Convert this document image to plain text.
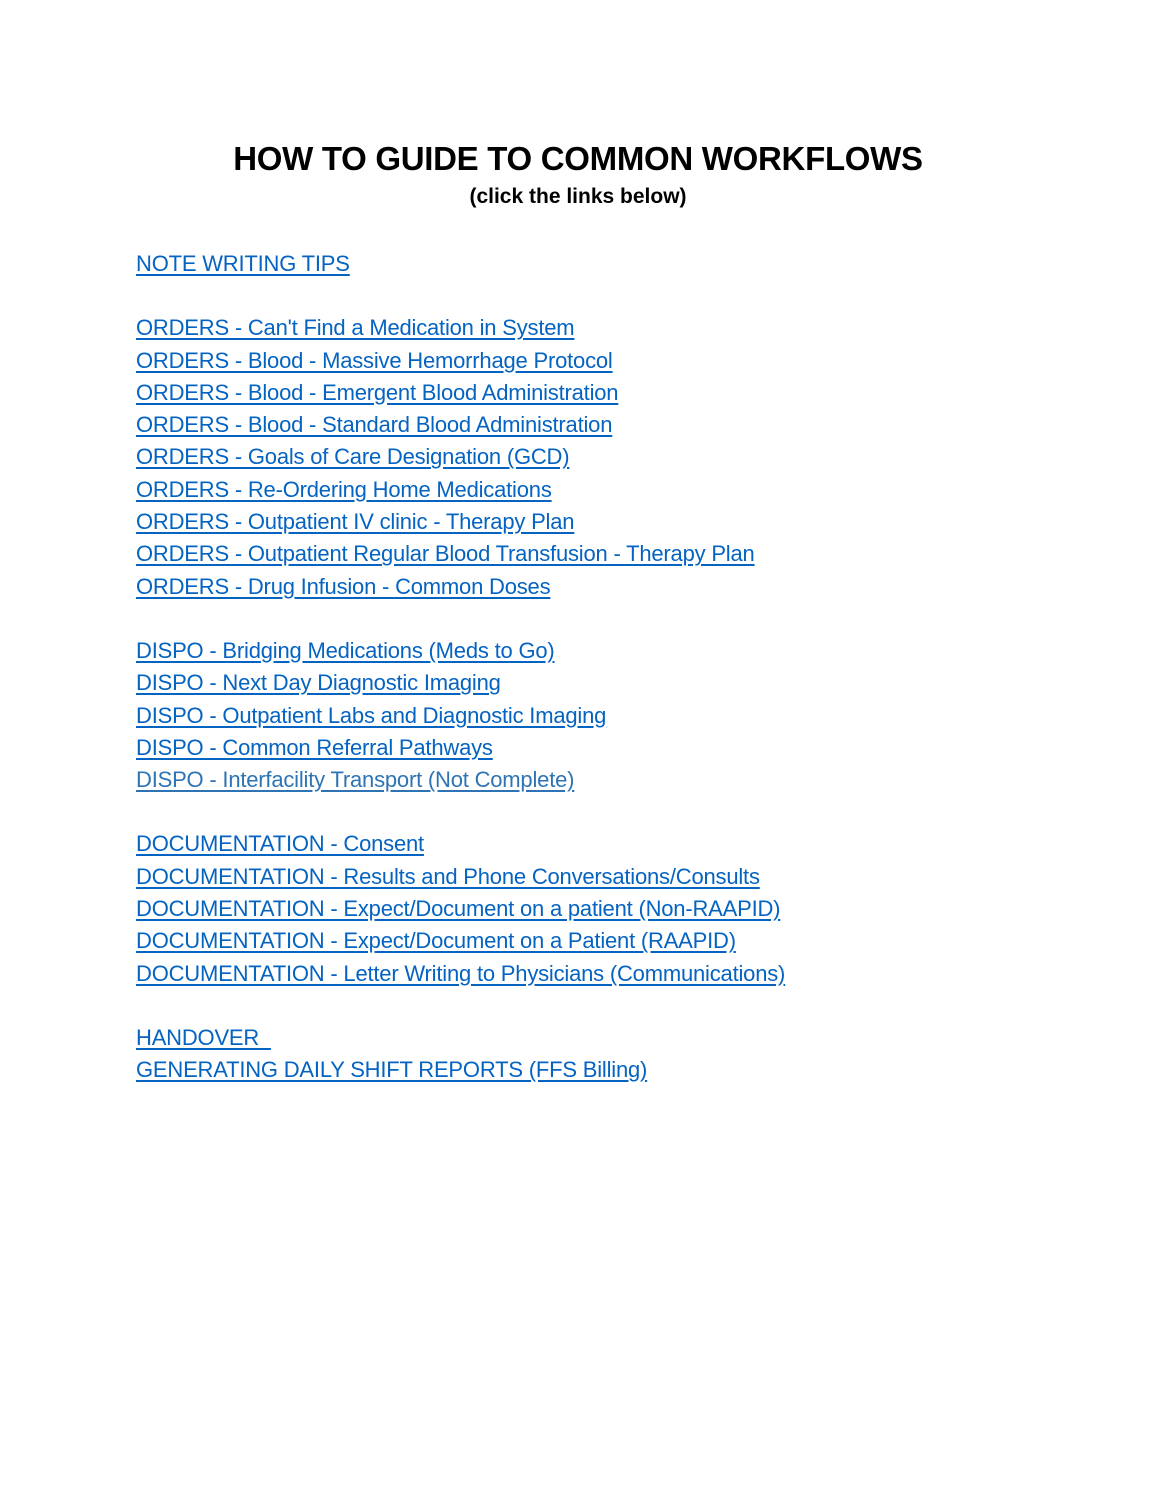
HOW TO GUIDE TO COMMON WORKFLOWS
(click the links below)
NOTE WRITING TIPS
ORDERS - Can't Find a Medication in System
ORDERS - Blood - Massive Hemorrhage Protocol
ORDERS - Blood - Emergent Blood Administration
ORDERS - Blood - Standard Blood Administration
ORDERS - Goals of Care Designation (GCD)
ORDERS - Re-Ordering Home Medications
ORDERS - Outpatient IV clinic - Therapy Plan
ORDERS - Outpatient Regular Blood Transfusion - Therapy Plan
ORDERS - Drug Infusion - Common Doses
DISPO - Bridging Medications (Meds to Go)
DISPO - Next Day Diagnostic Imaging
DISPO - Outpatient Labs and Diagnostic Imaging
DISPO - Common Referral Pathways
DISPO - Interfacility Transport (Not Complete)
DOCUMENTATION - Consent
DOCUMENTATION - Results and Phone Conversations/Consults
DOCUMENTATION - Expect/Document on a patient (Non-RAAPID)
DOCUMENTATION - Expect/Document on a Patient (RAAPID)
DOCUMENTATION - Letter Writing to Physicians (Communications)
HANDOVER
GENERATING DAILY SHIFT REPORTS (FFS Billing)
